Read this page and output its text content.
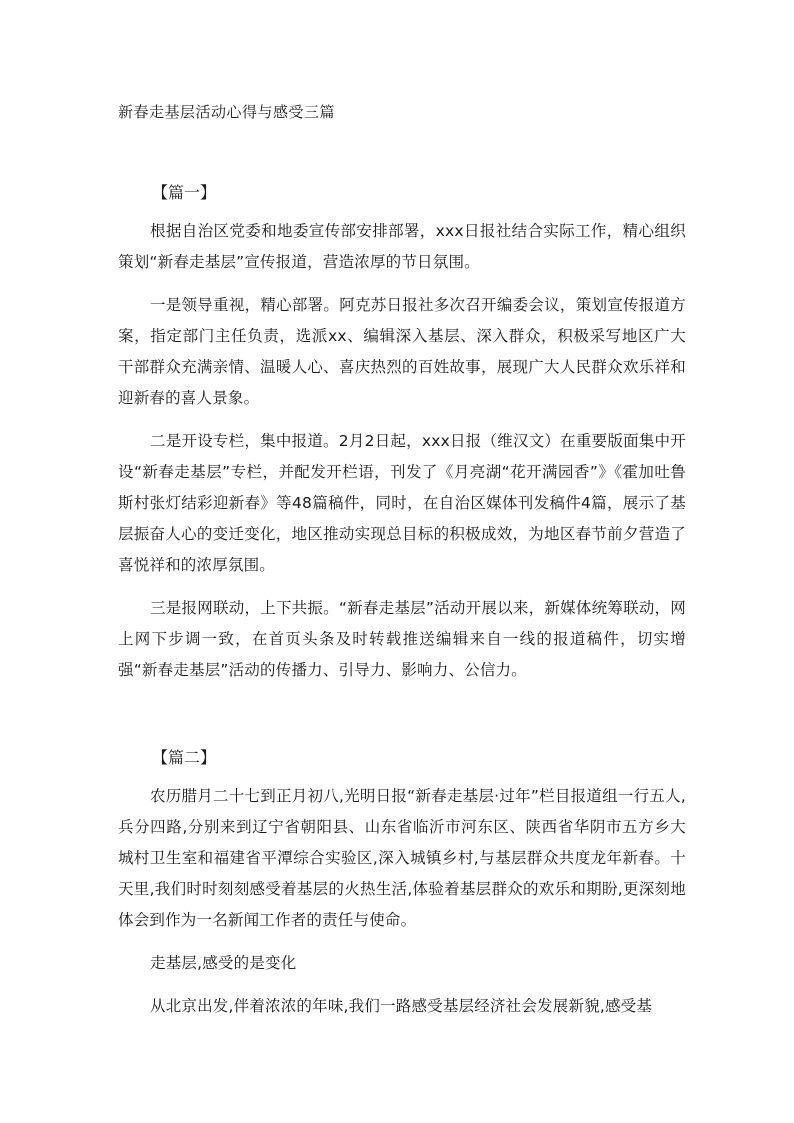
新春走基层活动心得与感受三篇
【篇一】

根据自治区党委和地委宣传部安排部署，xxx日报社结合实际工作，精心组织策划“新春走基层”宣传报道，营造浓厚的节日氛围。

一是领导重视，精心部署。阿克苏日报社多次召开编委会议，策划宣传报道方案，指定部门主任负责，选派xx、编辑深入基层、深入群众，积极采写地区广大干部群众充满亲情、温暖人心、喜庆热烈的百姓故事，展现广大人民群众欢乐祥和迎新春的喜人景象。

二是开设专栏，集中报道。2月2日起，xxx日报（维汉文）在重要版面集中开设“新春走基层”专栏，并配发开栏语，刊发了《月亮湖“花开满园香”》《霍加吐鲁斯村张灯结彩迎新春》等48篇稿件，同时，在自治区媒体刊发稿件4篇，展示了基层振奋人心的变迁变化，地区推动实现总目标的积极成效，为地区春节前夕营造了喜悦祥和的浓厚氛围。

三是报网联动，上下共振。“新春走基层”活动开展以来，新媒体统筹联动，网上网下步调一致，在首页头条及时转载推送编辑来自一线的报道稿件，切实增强“新春走基层”活动的传播力、引导力、影响力、公信力。

【篇二】

农历腊月二十七到正月初八,光明日报“新春走基层·过年”栏目报道组一行五人,兵分四路,分别来到辽宁省朝阳县、山东省临沂市河东区、陕西省华阴市五方乡大城村卫生室和福建省平潭综合实验区,深入城镇乡村,与基层群众共度龙年新春。十天里,我们时时刻刻感受着基层的火热生活,体验着基层群众的欢乐和期盼,更深刻地体会到作为一名新闻工作者的责任与使命。

走基层,感受的是变化

从北京出发,伴着浓浓的年味,我们一路感受基层经济社会发展新貌,感受基
